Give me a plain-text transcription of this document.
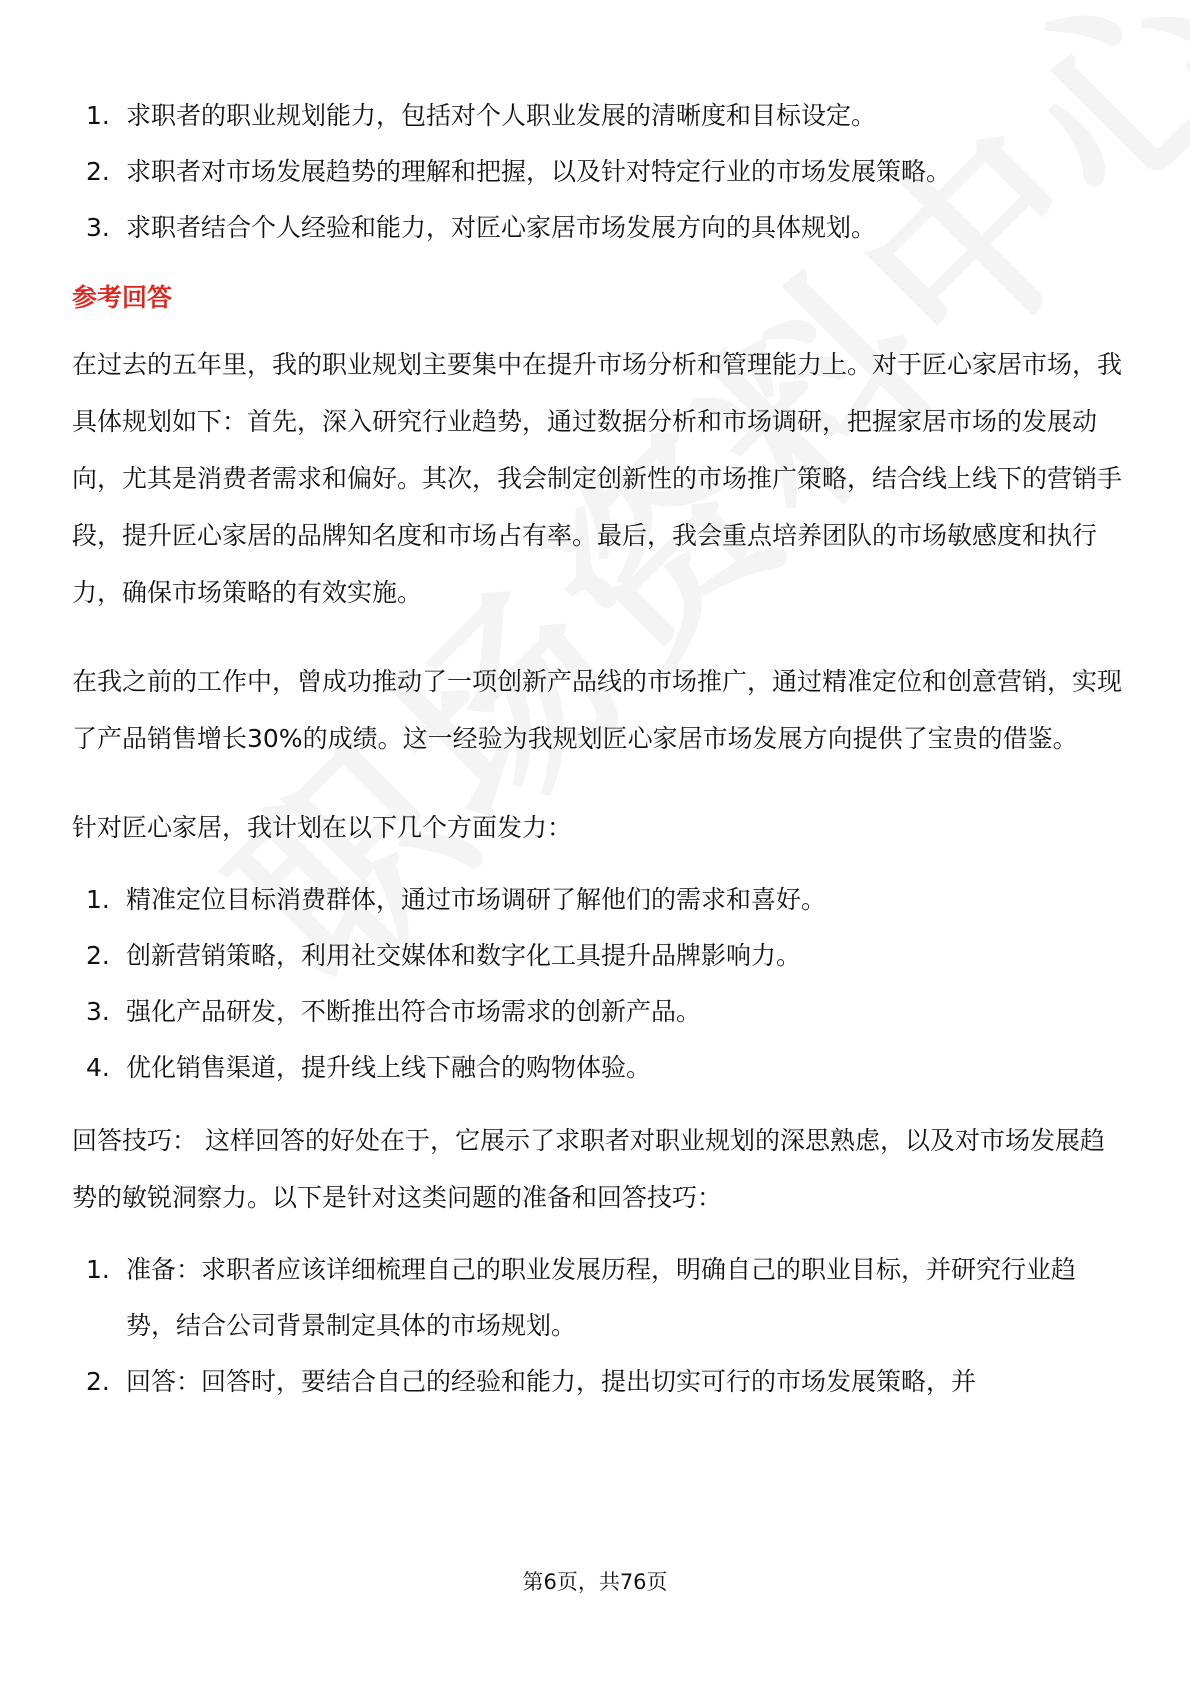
1. 求职者的职业规划能力，包括对个人职业发展的清晰度和目标设定。
2. 求职者对市场发展趋势的理解和把握，以及针对特定行业的市场发展策略。
3. 求职者结合个人经验和能力，对匠心家居市场发展方向的具体规划。
参考回答

在过去的五年里，我的职业规划主要集中在提升市场分析和管理能力上。对于匠心家居市场，我具体规划如下：首先，深入研究行业趋势，通过数据分析和市场调研，把握家居市场的发展动向，尤其是消费者需求和偏好。其次，我会制定创新性的市场推广策略，结合线上线下的营销手段，提升匠心家居的品牌知名度和市场占有率。最后，我会重点培养团队的市场敏感度和执行力，确保市场策略的有效实施。

在我之前的工作中，曾成功推动了一项创新产品线的市场推广，通过精准定位和创意营销，实现了产品销售增长30%的成绩。这一经验为我规划匠心家居市场发展方向提供了宝贵的借鉴。

针对匠心家居，我计划在以下几个方面发力：

1. 精准定位目标消费群体，通过市场调研了解他们的需求和喜好。
2. 创新营销策略，利用社交媒体和数字化工具提升品牌影响力。
3. 强化产品研发，不断推出符合市场需求的创新产品。
4. 优化销售渠道，提升线上线下融合的购物体验。

回答技巧： 这样回答的好处在于，它展示了求职者对职业规划的深思熟虑，以及对市场发展趋势的敏锐洞察力。以下是针对这类问题的准备和回答技巧：

1. 准备：求职者应该详细梳理自己的职业发展历程，明确自己的职业目标，并研究行业趋势，结合公司背景制定具体的市场规划。
2. 回答：回答时，要结合自己的经验和能力，提出切实可行的市场发展策略，并
第6页，共76页
